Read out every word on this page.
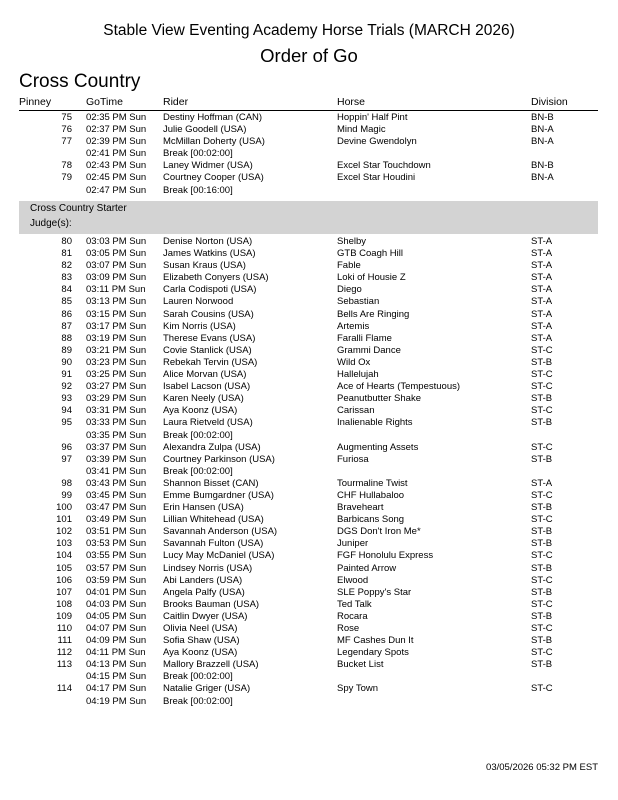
Stable View Eventing Academy Horse Trials (MARCH 2026)
Order of Go
Cross Country
Pinney	GoTime	Rider	Horse	Division
75 02:35 PM Sun Destiny Hoffman (CAN)	Hoppin' Half Pint	BN-B
76 02:37 PM Sun Julie Goodell (USA)	Mind Magic	BN-A
77 02:39 PM Sun McMillan Doherty (USA)	Devine Gwendolyn	BN-A
02:41 PM Sun Break [00:02:00]
78 02:43 PM Sun Laney Widmer (USA)	Excel Star Touchdown	BN-B
79 02:45 PM Sun Courtney Cooper (USA)	Excel Star Houdini	BN-A
02:47 PM Sun Break [00:16:00]
Cross Country Starter
Judge(s):
80 03:03 PM Sun Denise Norton (USA)	Shelby	ST-A
81 03:05 PM Sun James Watkins (USA)	GTB Coagh Hill	ST-A
82 03:07 PM Sun Susan Kraus (USA)	Fable	ST-A
83 03:09 PM Sun Elizabeth Conyers (USA)	Loki of Housie Z	ST-A
84 03:11 PM Sun Carla Codispoti (USA)	Diego	ST-A
85 03:13 PM Sun Lauren Norwood	Sebastian	ST-A
86 03:15 PM Sun Sarah Cousins (USA)	Bells Are Ringing	ST-A
87 03:17 PM Sun Kim Norris (USA)	Artemis	ST-A
88 03:19 PM Sun Therese Evans (USA)	Faralli Flame	ST-A
89 03:21 PM Sun Covie Stanlick (USA)	Grammi Dance	ST-C
90 03:23 PM Sun Rebekah Tervin (USA)	Wild Ox	ST-B
91 03:25 PM Sun Alice Morvan (USA)	Hallelujah	ST-C
92 03:27 PM Sun Isabel Lacson (USA)	Ace of Hearts (Tempestuous)	ST-C
93 03:29 PM Sun Karen Neely (USA)	Peanutbutter Shake	ST-B
94 03:31 PM Sun Aya Koonz (USA)	Carissan	ST-C
95 03:33 PM Sun Laura Rietveld (USA)	Inalienable Rights	ST-B
03:35 PM Sun Break [00:02:00]
96 03:37 PM Sun Alexandra Zulpa (USA)	Augmenting Assets	ST-C
97 03:39 PM Sun Courtney Parkinson (USA)	Furiosa	ST-B
03:41 PM Sun Break [00:02:00]
98 03:43 PM Sun Shannon Bisset (CAN)	Tourmaline Twist	ST-A
99 03:45 PM Sun Emme Bumgardner (USA)	CHF Hullabaloo	ST-C
100 03:47 PM Sun Erin Hansen (USA)	Braveheart	ST-B
101 03:49 PM Sun Lillian Whitehead (USA)	Barbicans Song	ST-C
102 03:51 PM Sun Savannah Anderson (USA)	DGS Don't Iron Me*	ST-B
103 03:53 PM Sun Savannah Fulton (USA)	Juniper	ST-B
104 03:55 PM Sun Lucy May McDaniel (USA)	FGF Honolulu Express	ST-C
105 03:57 PM Sun Lindsey Norris (USA)	Painted Arrow	ST-B
106 03:59 PM Sun Abi Landers (USA)	Elwood	ST-C
107 04:01 PM Sun Angela Palfy (USA)	SLE Poppy's Star	ST-B
108 04:03 PM Sun Brooks Bauman (USA)	Ted Talk	ST-C
109 04:05 PM Sun Caitlin Dwyer (USA)	Rocara	ST-B
110 04:07 PM Sun Olivia Neel (USA)	Rose	ST-C
111 04:09 PM Sun Sofia Shaw (USA)	MF Cashes Dun It	ST-B
112 04:11 PM Sun Aya Koonz (USA)	Legendary Spots	ST-C
113 04:13 PM Sun Mallory Brazzell (USA)	Bucket List	ST-B
04:15 PM Sun Break [00:02:00]
114 04:17 PM Sun Natalie Griger (USA)	Spy Town	ST-C
04:19 PM Sun Break [00:02:00]
03/05/2026 05:32 PM EST
